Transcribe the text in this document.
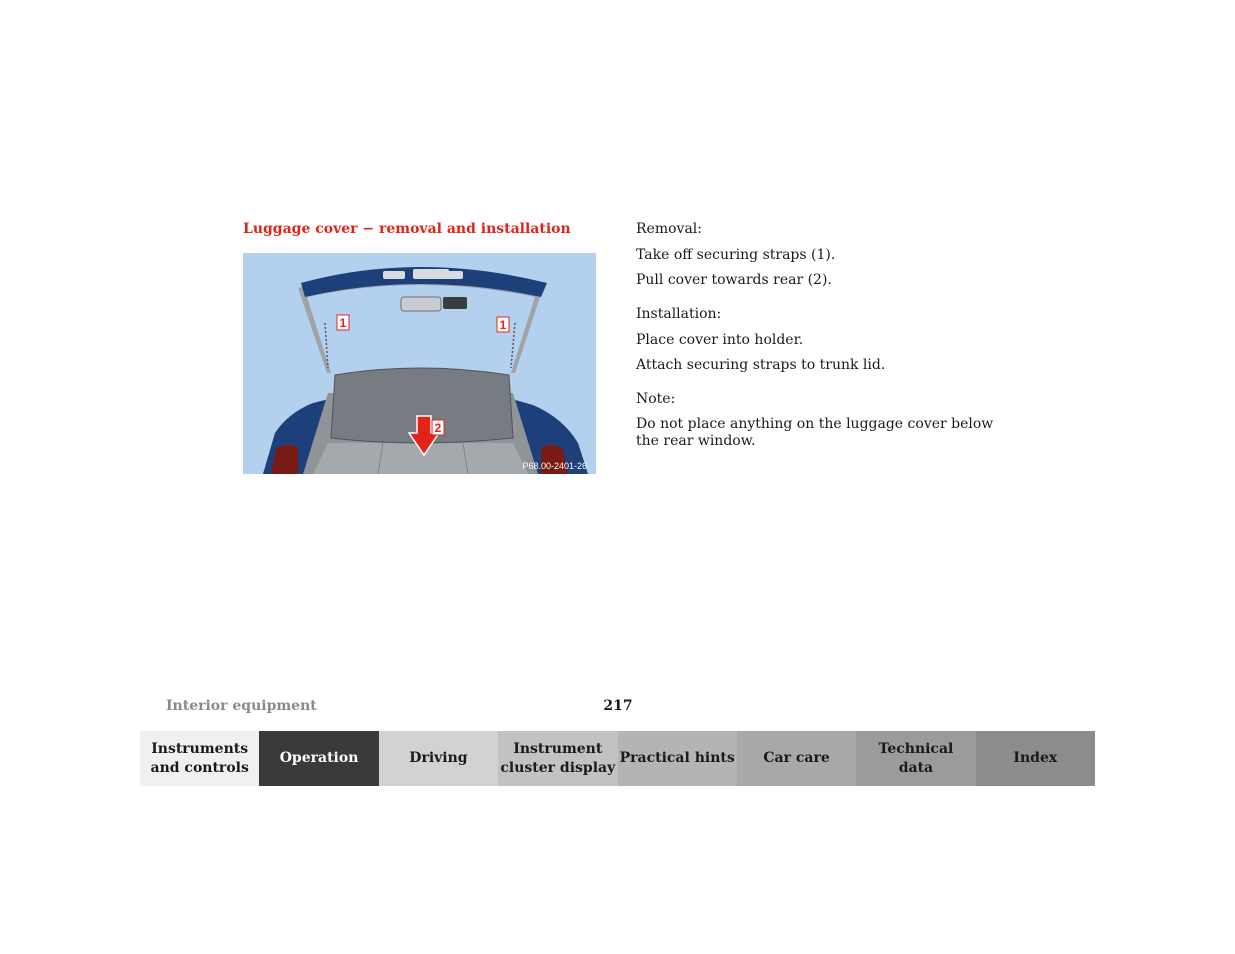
Luggage cover − removal and installation
1	1
2
P68.00-2401-26

Removal:

Take off securing straps (1).

Pull cover towards rear (2).

Installation:

Place cover into holder.

Attach securing straps to trunk lid.

Note:

Do not place anything on the luggage cover below the rear window.

Interior equipment	217
Instruments
and controls
Operation	Driving
Instrument
cluster display
Practical hints Car care
Technical
data
Index
